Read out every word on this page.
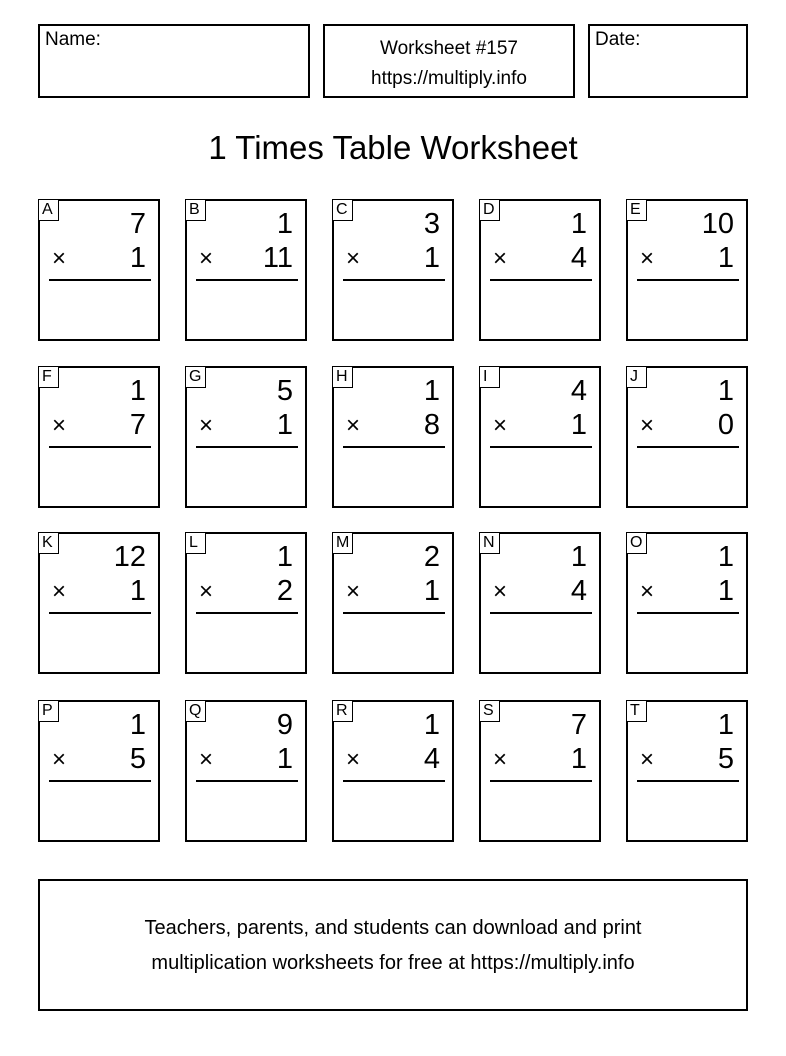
Name:	Worksheet #157
https://multiply.info
Date:
1 Times Table Worksheet
A	7
× 1
B	1
× 11
C	3
× 1
D	1
× 4
E 10
× 1
F	1
× 7
G	5
× 1
H	1
× 8
I	4
× 1
J	1
× 0
K 12
× 1
L	1
× 2
M	2
× 1
N	1
× 4
O	1
× 1
P	1
× 5
Q	9
× 1
R	1
× 4
S	7
× 1
T	1
× 5
Teachers, parents, and students can download and print
multiplication worksheets for free at https://multiply.info
